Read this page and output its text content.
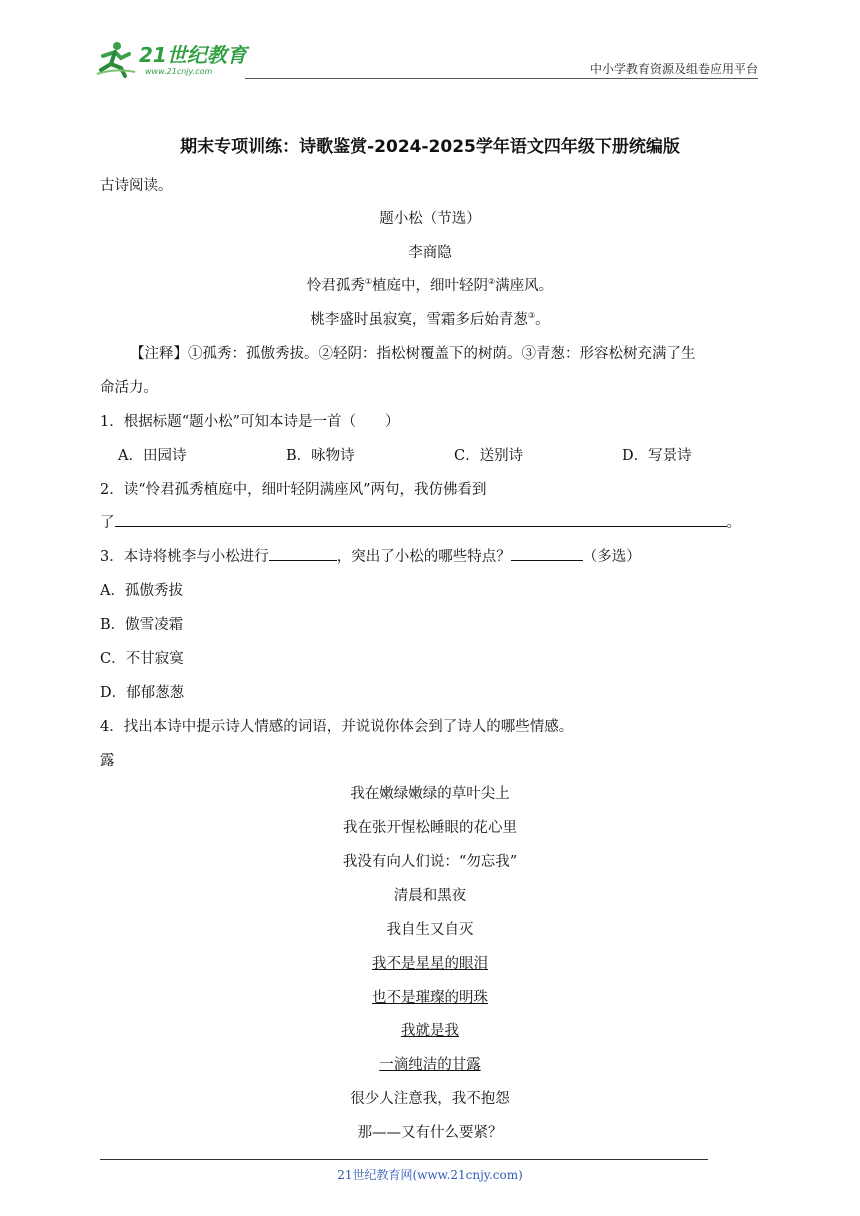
21世纪教育
www.21cnjy.com	中小学教育资源及组卷应用平台
期末专项训练：诗歌鉴赏-2024-2025学年语文四年级下册统编版
古诗阅读。
题小松（节选）
李商隐
怜君孤秀①植庭中，细叶轻阴②满座风。
桃李盛时虽寂寞，雪霜多后始青葱③。
【注释】①孤秀：孤傲秀拔。②轻阴：指松树覆盖下的树荫。③青葱：形容松树充满了生
命活力。
1．根据标题“题小松”可知本诗是一首（　　）
A．田园诗	B．咏物诗	C．送别诗	D．写景诗
2．读“怜君孤秀植庭中，细叶轻阴满座风”两句，我仿佛看到
了	。
3．本诗将桃李与小松进行	，突出了小松的哪些特点？	（多选）
A．孤傲秀拔
B．傲雪凌霜
C．不甘寂寞
D．郁郁葱葱
4．找出本诗中提示诗人情感的词语，并说说你体会到了诗人的哪些情感。
露
我在嫩绿嫩绿的草叶尖上
我在张开惺松睡眼的花心里
我没有向人们说：“勿忘我”
清晨和黑夜
我自生又自灭
我不是星星的眼泪
也不是璀璨的明珠
我就是我
一滴纯洁的甘露
很少人注意我，我不抱怨
那——又有什么要紧？
21世纪教育网(www.21cnjy.com)
